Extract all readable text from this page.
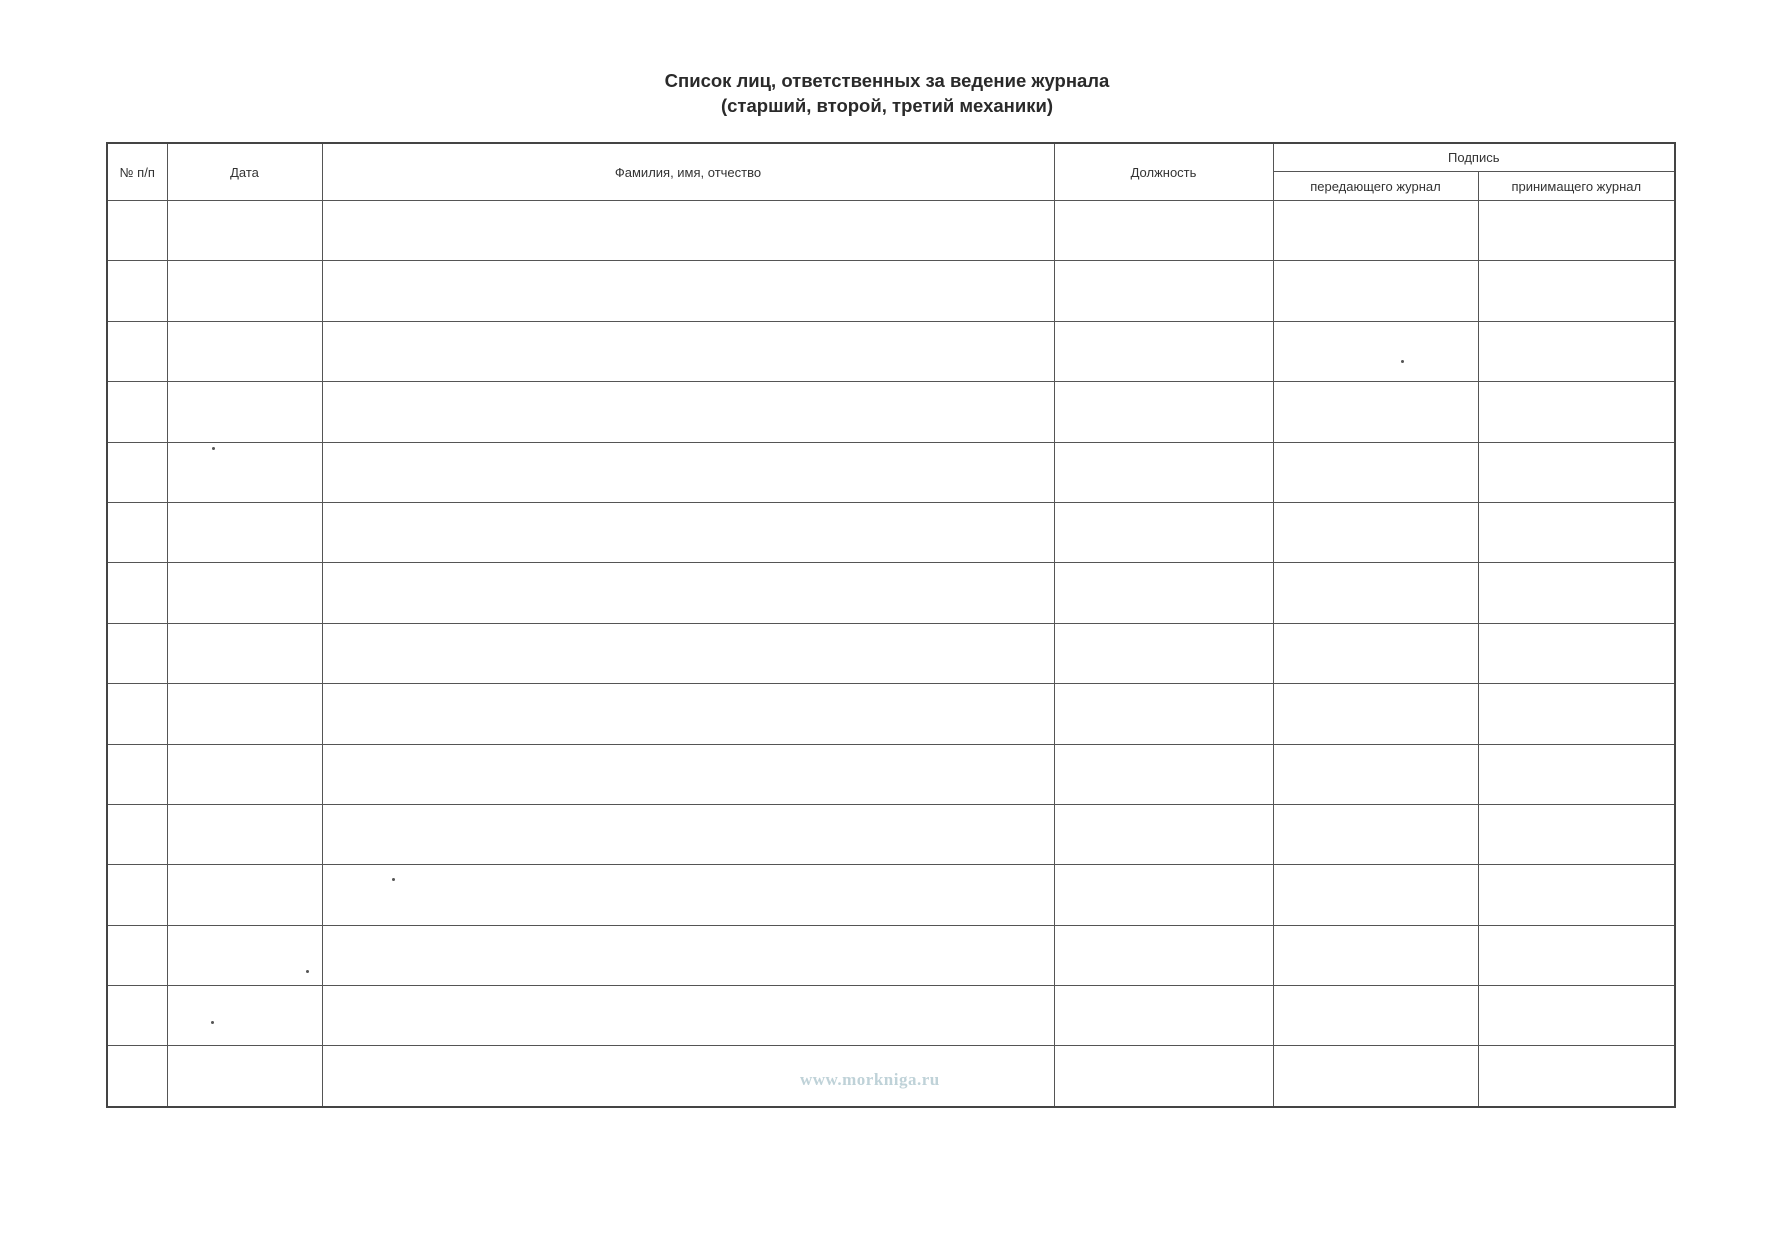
Список лиц, ответственных за ведение журнала
(старший, второй, третий механики)
№ п/п	Дата	Фамилия, имя, отчество	Должность	Подпись	
				передающего журнал	принимащего журнал

www.morkniga.ru
